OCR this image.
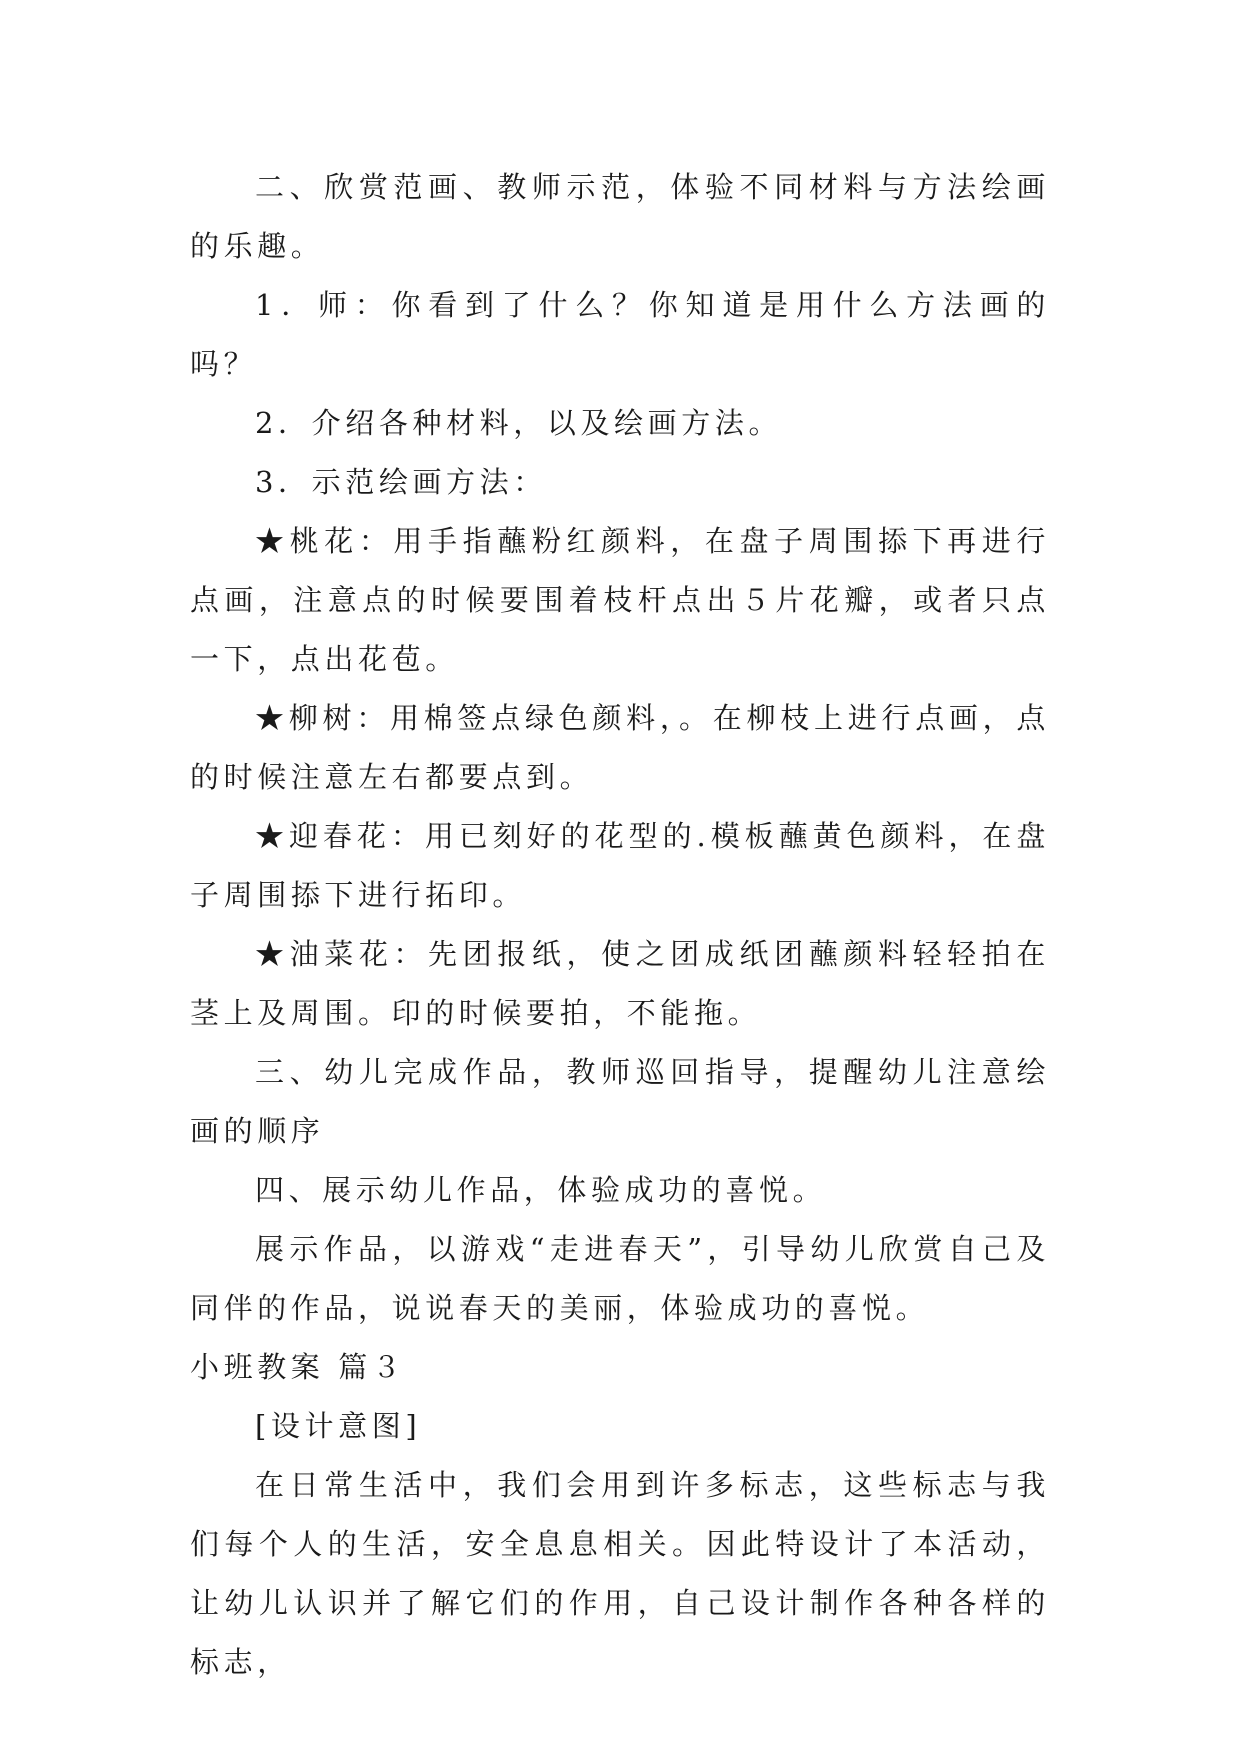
二、欣赏范画、教师示范，体验不同材料与方法绘画的乐趣。

1．师：你看到了什么？你知道是用什么方法画的吗？

2．介绍各种材料，以及绘画方法。

3．示范绘画方法：

★桃花：用手指蘸粉红颜料，在盘子周围掭下再进行点画，注意点的时候要围着枝杆点出５片花瓣，或者只点一下，点出花苞。

★柳树：用棉签点绿色颜料，。在柳枝上进行点画，点的时候注意左右都要点到。

★迎春花：用已刻好的花型的.模板蘸黄色颜料，在盘子周围掭下进行拓印。

★油菜花：先团报纸，使之团成纸团蘸颜料轻轻拍在茎上及周围。印的时候要拍，不能拖。

三、幼儿完成作品，教师巡回指导，提醒幼儿注意绘画的顺序

四、展示幼儿作品，体验成功的喜悦。

展示作品，以游戏“走进春天”，引导幼儿欣赏自己及同伴的作品，说说春天的美丽，体验成功的喜悦。

小班教案 篇３

[设计意图]

在日常生活中，我们会用到许多标志，这些标志与我们每个人的生活，安全息息相关。因此特设计了本活动，让幼儿认识并了解它们的作用，自己设计制作各种各样的标志，
